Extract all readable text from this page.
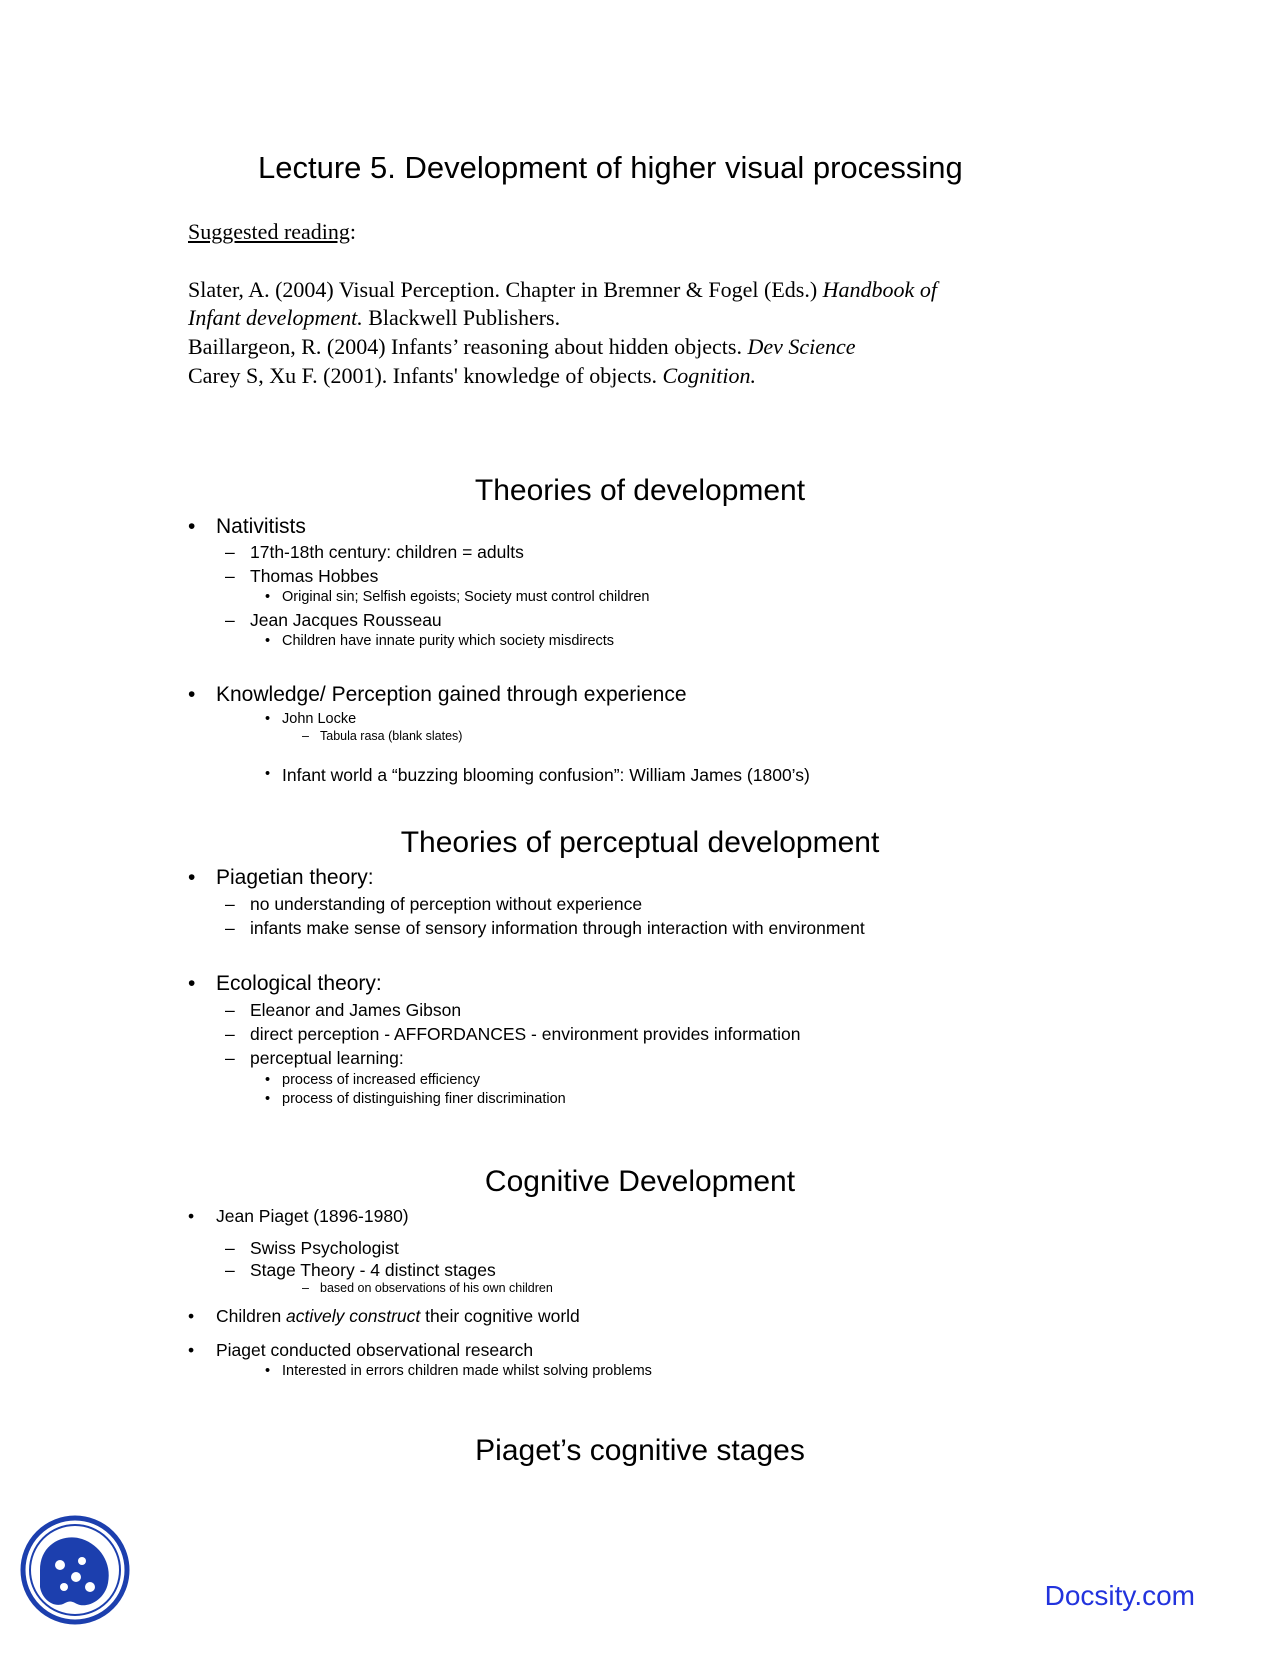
Lecture 5. Development of higher visual processing
Suggested reading:
Slater, A. (2004) Visual Perception. Chapter in Bremner & Fogel (Eds.) Handbook of
Infant development. Blackwell Publishers.
Baillargeon, R. (2004) Infants’ reasoning about hidden objects. Dev Science
Carey S, Xu F. (2001). Infants' knowledge of objects. Cognition.
Theories of development
• Nativitists
– 17th-18th century: children = adults
– Thomas Hobbes
• Original sin; Selfish egoists; Society must control children
– Jean Jacques Rousseau
• Children have innate purity which society misdirects
• Knowledge/ Perception gained through experience
• John Locke
– Tabula rasa (blank slates)
• Infant world a “buzzing blooming confusion”: William James (1800’s)
Theories of perceptual development
• Piagetian theory:
– no understanding of perception without experience
– infants make sense of sensory information through interaction with environment
• Ecological theory:
– Eleanor and James Gibson
– direct perception - AFFORDANCES - environment provides information
– perceptual learning:
• process of increased efficiency
• process of distinguishing finer discrimination
Cognitive Development
• Jean Piaget (1896-1980)
– Swiss Psychologist
– Stage Theory - 4 distinct stages
– based on observations of his own children
• Children actively construct their cognitive world
• Piaget conducted observational research
• Interested in errors children made whilst solving problems
Piaget’s cognitive stages
Docsity.com
